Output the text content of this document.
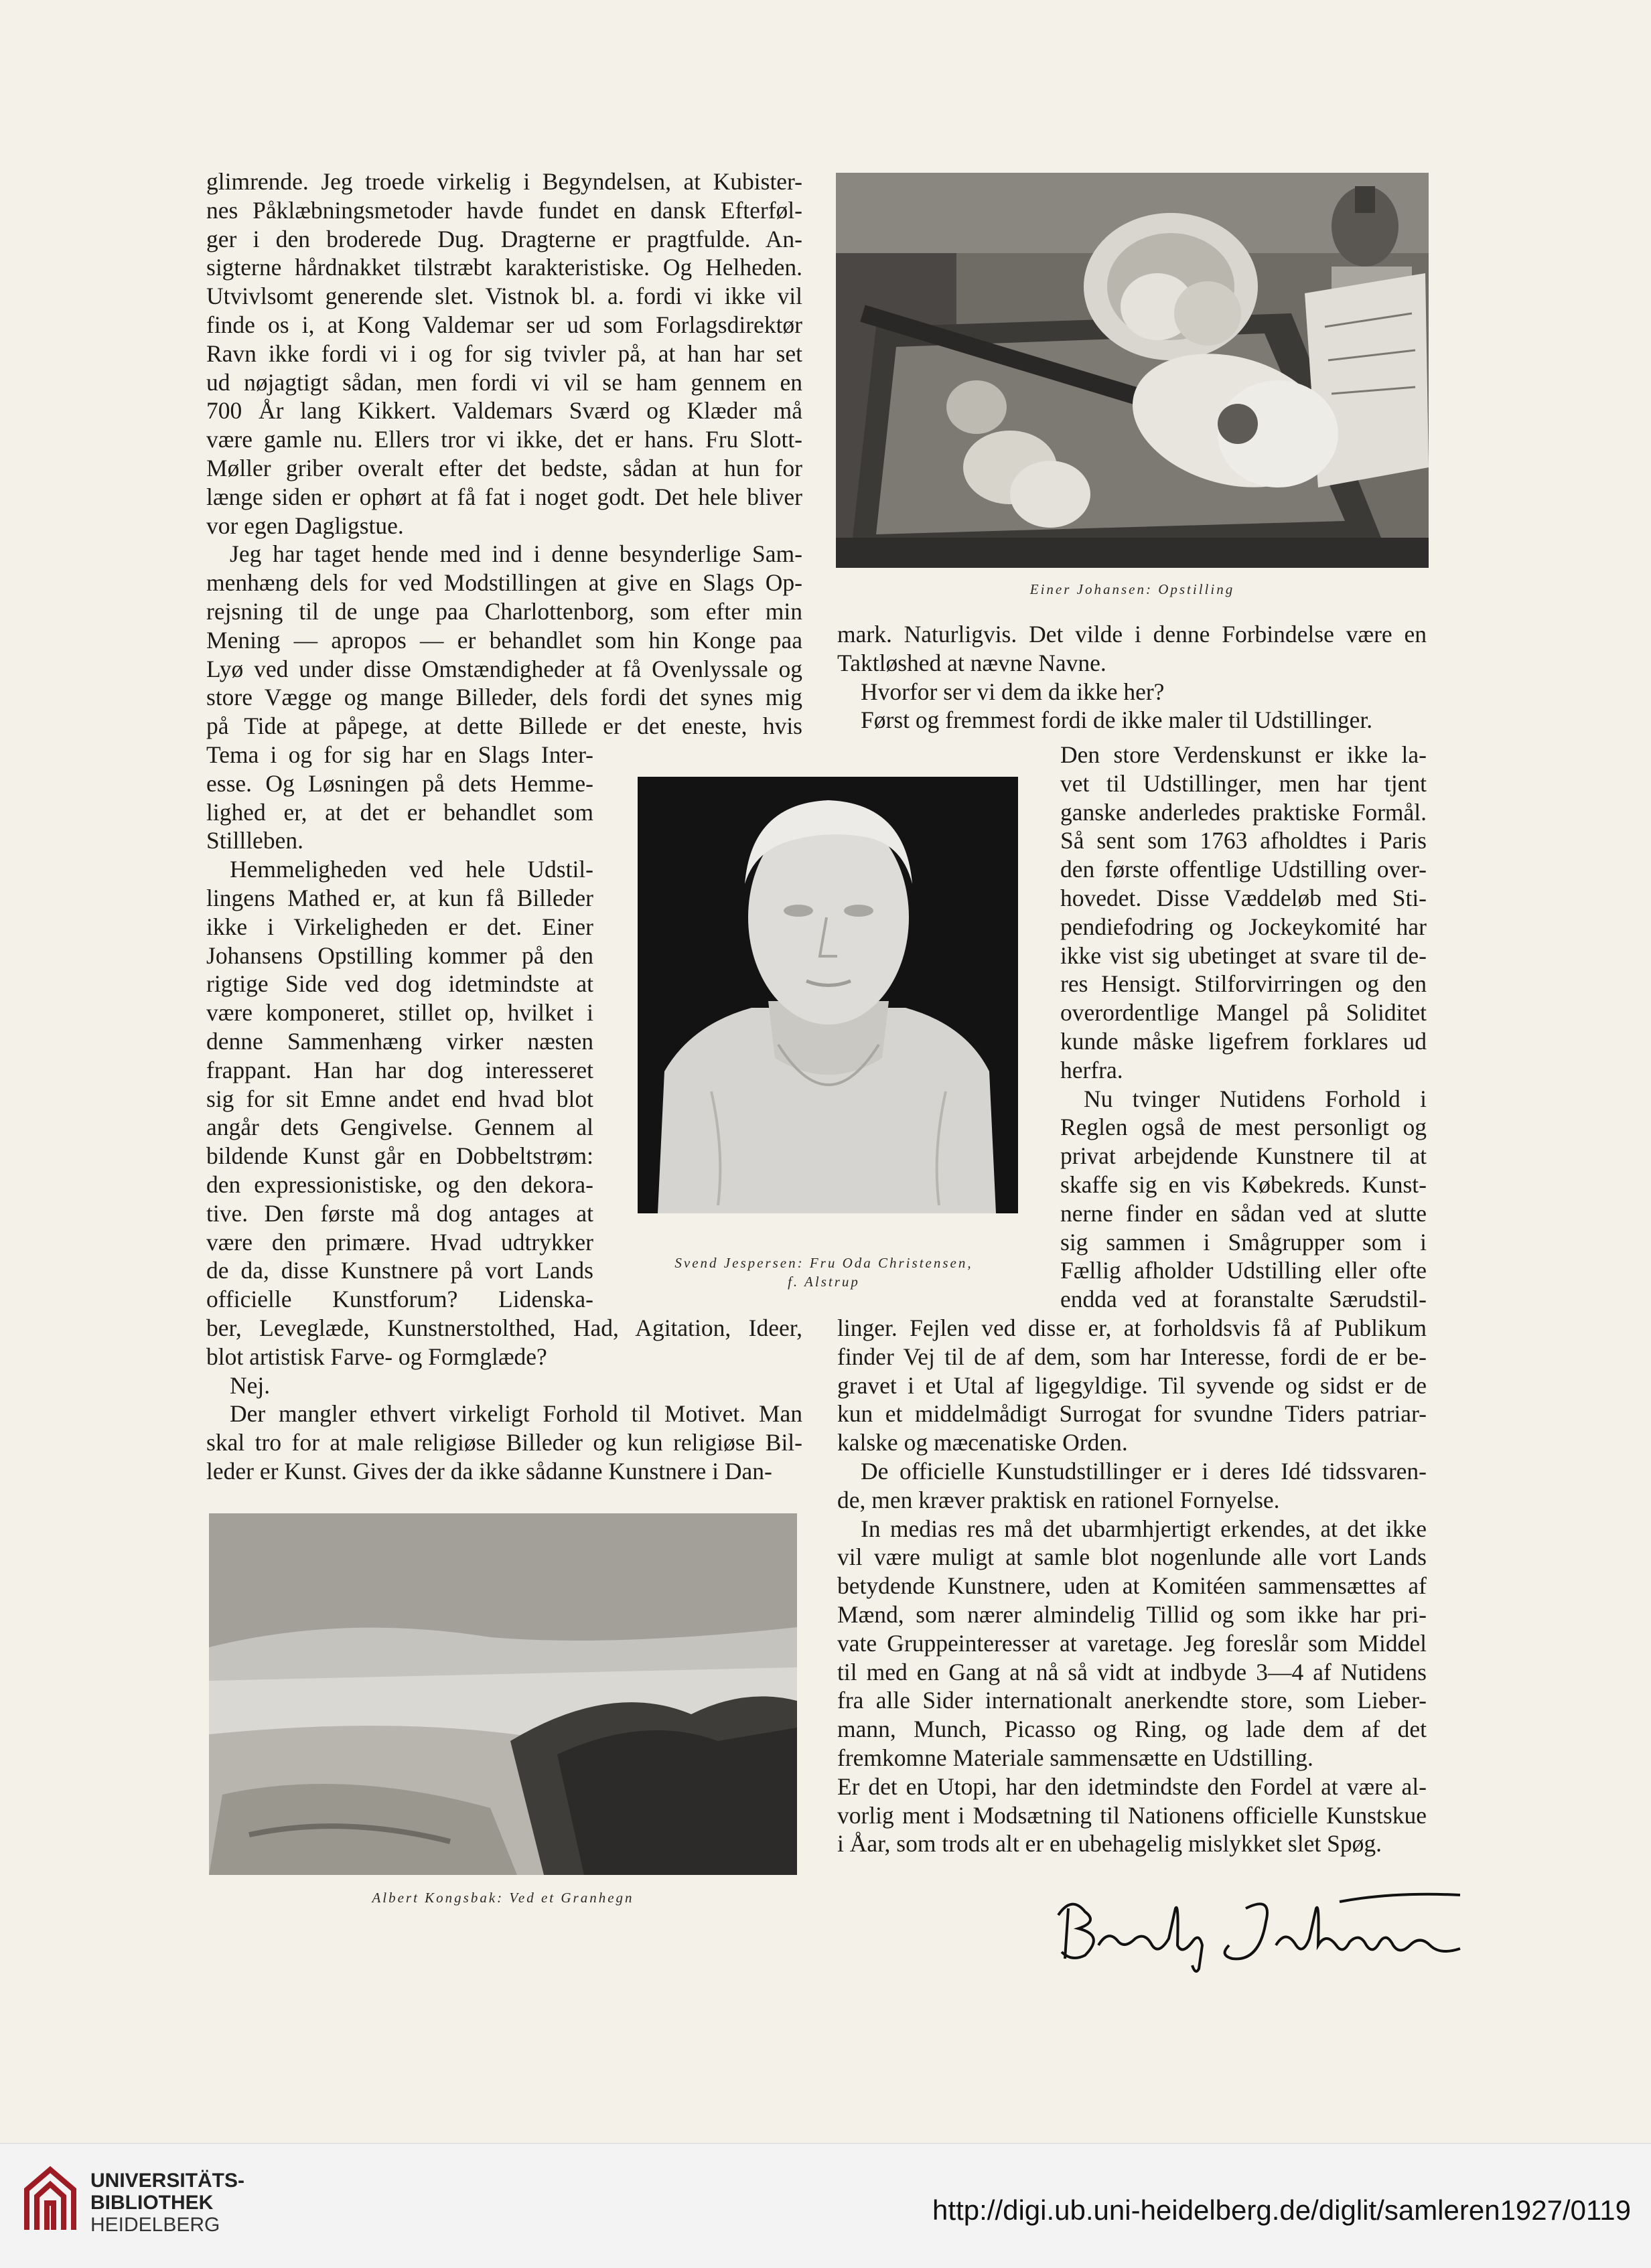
glimrende. Jeg troede virkelig i Begyndelsen, at Kubister-
nes Påklæbningsmetoder havde fundet en dansk Efterføl-
ger i den broderede Dug. Dragterne er pragtfulde. An-
sigterne hårdnakket tilstræbt karakteristiske. Og Helheden.
Utvivlsomt generende slet. Vistnok bl. a. fordi vi ikke vil
finde os i, at Kong Valdemar ser ud som Forlagsdirektør
Ravn ikke fordi vi i og for sig tvivler på, at han har set
ud nøjagtigt sådan, men fordi vi vil se ham gennem en
700 År lang Kikkert. Valdemars Sværd og Klæder må
være gamle nu. Ellers tror vi ikke, det er hans. Fru Slott-
Møller griber overalt efter det bedste, sådan at hun for
længe siden er ophørt at få fat i noget godt. Det hele bliver
vor egen Dagligstue.
Jeg har taget hende med ind i denne besynderlige Sam-
menhæng dels for ved Modstillingen at give en Slags Op-
rejsning til de unge paa Charlottenborg, som efter min
Mening — apropos — er behandlet som hin Konge paa
Lyø ved under disse Omstændigheder at få Ovenlyssale og
store Vægge og mange Billeder, dels fordi det synes mig
på Tide at påpege, at dette Billede er det eneste, hvis
Tema i og for sig har en Slags Inter-
esse. Og Løsningen på dets Hemme-
lighed er, at det er behandlet som
Stillleben.
Hemmeligheden ved hele Udstil-
lingens Mathed er, at kun få Billeder
ikke i Virkeligheden er det. Einer
Johansens Opstilling kommer på den
rigtige Side ved dog idetmindste at
være komponeret, stillet op, hvilket i
denne Sammenhæng virker næsten
frappant. Han har dog interesseret
sig for sit Emne andet end hvad blot
angår dets Gengivelse. Gennem al
bildende Kunst går en Dobbeltstrøm:
den expressionistiske, og den dekora-
tive. Den første må dog antages at
være den primære. Hvad udtrykker
de da, disse Kunstnere på vort Lands
officielle Kunstforum? Lidenska-
ber, Leveglæde, Kunstnerstolthed, Had, Agitation, Ideer,
blot artistisk Farve- og Formglæde?
Nej.
Der mangler ethvert virkeligt Forhold til Motivet. Man
skal tro for at male religiøse Billeder og kun religiøse Bil-
leder er Kunst. Gives der da ikke sådanne Kunstnere i Dan-
mark. Naturligvis. Det vilde i denne Forbindelse være en
Taktløshed at nævne Navne.
Hvorfor ser vi dem da ikke her?
Først og fremmest fordi de ikke maler til Udstillinger.
Den store Verdenskunst er ikke la-
vet til Udstillinger, men har tjent
ganske anderledes praktiske Formål.
Så sent som 1763 afholdtes i Paris
den første offentlige Udstilling over-
hovedet. Disse Væddeløb med Sti-
pendiefodring og Jockeykomité har
ikke vist sig ubetinget at svare til de-
res Hensigt. Stilforvirringen og den
overordentlige Mangel på Soliditet
kunde måske ligefrem forklares ud
herfra.
Nu tvinger Nutidens Forhold i
Reglen også de mest personligt og
privat arbejdende Kunstnere til at
skaffe sig en vis Købekreds. Kunst-
nerne finder en sådan ved at slutte
sig sammen i Smågrupper som i
Fællig afholder Udstilling eller ofte
endda ved at foranstalte Særudstil-
linger. Fejlen ved disse er, at forholdsvis få af Publikum
finder Vej til de af dem, som har Interesse, fordi de er be-
gravet i et Utal af ligegyldige. Til syvende og sidst er de
kun et middelmådigt Surrogat for svundne Tiders patriar-
kalske og mæcenatiske Orden.
De officielle Kunstudstillinger er i deres Idé tidssvaren-
de, men kræver praktisk en rationel Fornyelse.
In medias res må det ubarmhjertigt erkendes, at det ikke
vil være muligt at samle blot nogenlunde alle vort Lands
betydende Kunstnere, uden at Komitéen sammensættes af
Mænd, som nærer almindelig Tillid og som ikke har pri-
vate Gruppeinteresser at varetage. Jeg foreslår som Middel
til med en Gang at nå så vidt at indbyde 3—4 af Nutidens
fra alle Sider internationalt anerkendte store, som Lieber-
mann, Munch, Picasso og Ring, og lade dem af det
fremkomne Materiale sammensætte en Udstilling.
Er det en Utopi, har den idetmindste den Fordel at være al-
vorlig ment i Modsætning til Nationens officielle Kunstskue
i Åar, som trods alt er en ubehagelig mislykket slet Spøg.
Einer Johansen: Opstilling
Svend Jespersen: Fru Oda Christensen,
f. Alstrup
Albert Kongsbak: Ved et Granhegn
UNIVERSITÄTS-
BIBLIOTHEK
HEIDELBERG	http://digi.ub.uni-heidelberg.de/diglit/samleren1927/0119
